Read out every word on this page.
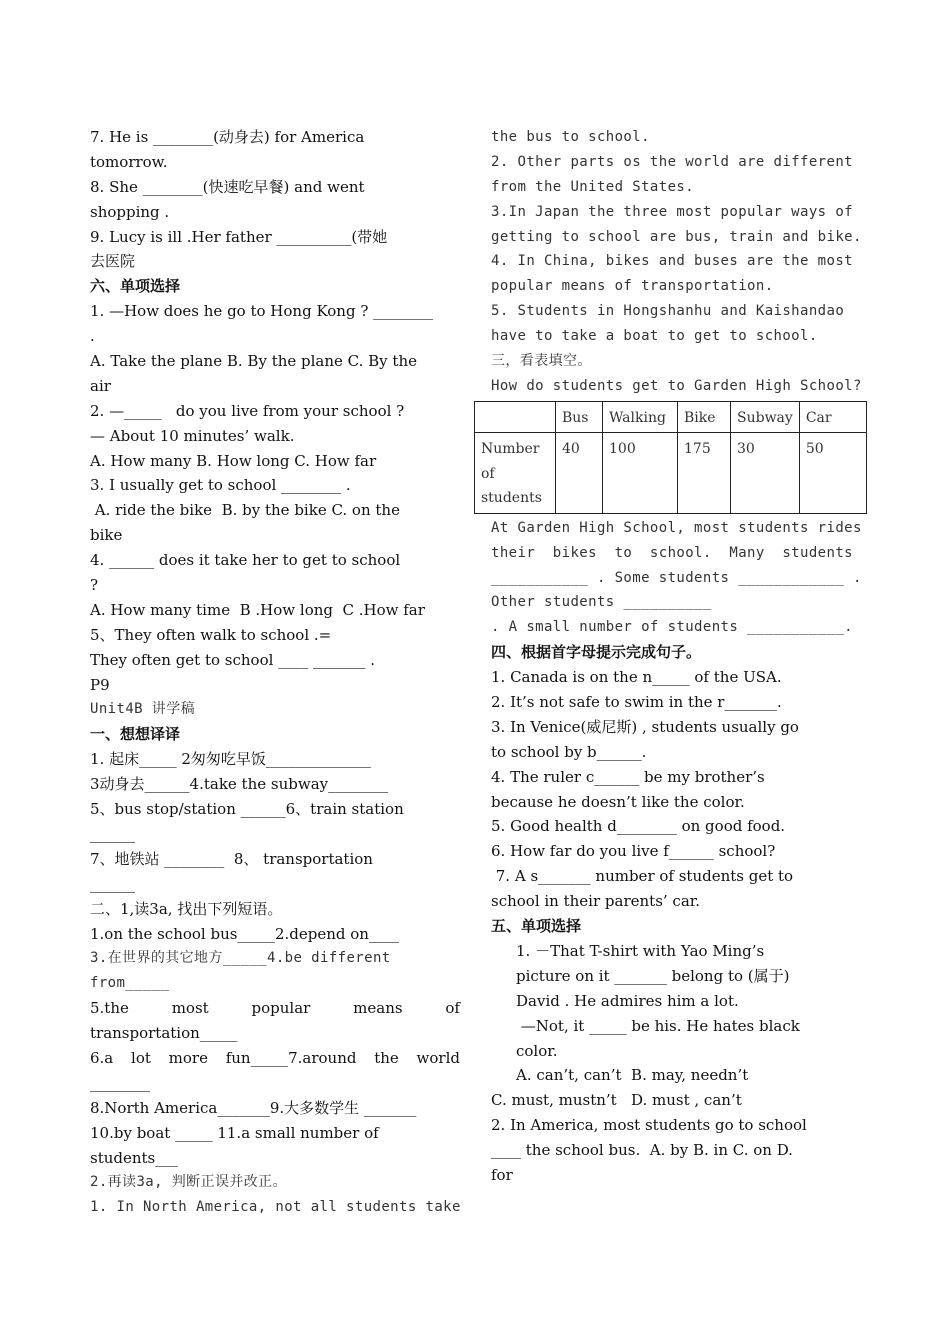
7. He is ________(动身去) for America
tomorrow.
8. She ________(快速吃早餐) and went
shopping .
9. Lucy is ill .Her father __________(带她
去医院
六、单项选择
1. —How does he go to Hong Kong ? ________
.
A. Take the plane B. By the plane C. By the
air
2. —_____   do you live from your school ?
— About 10 minutes’ walk.
A. How many B. How long C. How far
3. I usually get to school ________ .
A. ride the bike  B. by the bike C. on the
bike
4. ______ does it take her to get to school
?
A. How many time  B .How long  C .How far
5、They often walk to school .=
They often get to school ____ _______ .
P9
Unit4B 讲学稿
一、想想译译
1. 起床_____ 2匆匆吃早饭______________
3动身去______4.take the subway________
5、bus stop/station ______6、train station
______
7、地铁站 ________  8、 transportation
______
二、1,读3a, 找出下列短语。
1.on the school bus_____2.depend on____
3.在世界的其它地方_____4.be different
from_____
5.the most popular means of
transportation_____
6.a lot more fun_____7.around the world
________
8.North America_______9.大多数学生 _______
10.by boat _____ 11.a small number of
students___
2.再读3a, 判断正误并改正。
1. In North America, not all students take
the bus to school.
2. Other parts os the world are different
from the United States.
3.In Japan the three most popular ways of
getting to school are bus, train and bike.
4. In China, bikes and buses are the most
popular means of transportation.
5. Students in Hongshanhu and Kaishandao
have to take a boat to get to school.
三，看表填空。
How do students get to Garden High School?
	Bus	Walking	Bike	Subway	Car

Number
of
students	40	100	175	30	50
At Garden High School, most students rides
their  bikes  to  school.  Many  students
___________ . Some students ____________ .
Other students __________
. A small number of students ___________.
四、根据首字母提示完成句子。
1. Canada is on the n_____ of the USA.
2. It’s not safe to swim in the r_______.
3. In Venice(威尼斯) , students usually go
to school by b______.
4. The ruler c______ be my brother’s
because he doesn’t like the color.
5. Good health d________ on good food.
6. How far do you live f______ school?
7. A s_______ number of students get to
school in their parents’ car.
五、单项选择
1. －That T-shirt with Yao Ming’s
picture on it _______ belong to (属于)
David . He admires him a lot.
—Not, it _____ be his. He hates black
color.
A. can’t, can’t  B. may, needn’t
C. must, mustn’t   D. must , can’t
2. In America, most students go to school
____ the school bus.  A. by B. in C. on D.
for
